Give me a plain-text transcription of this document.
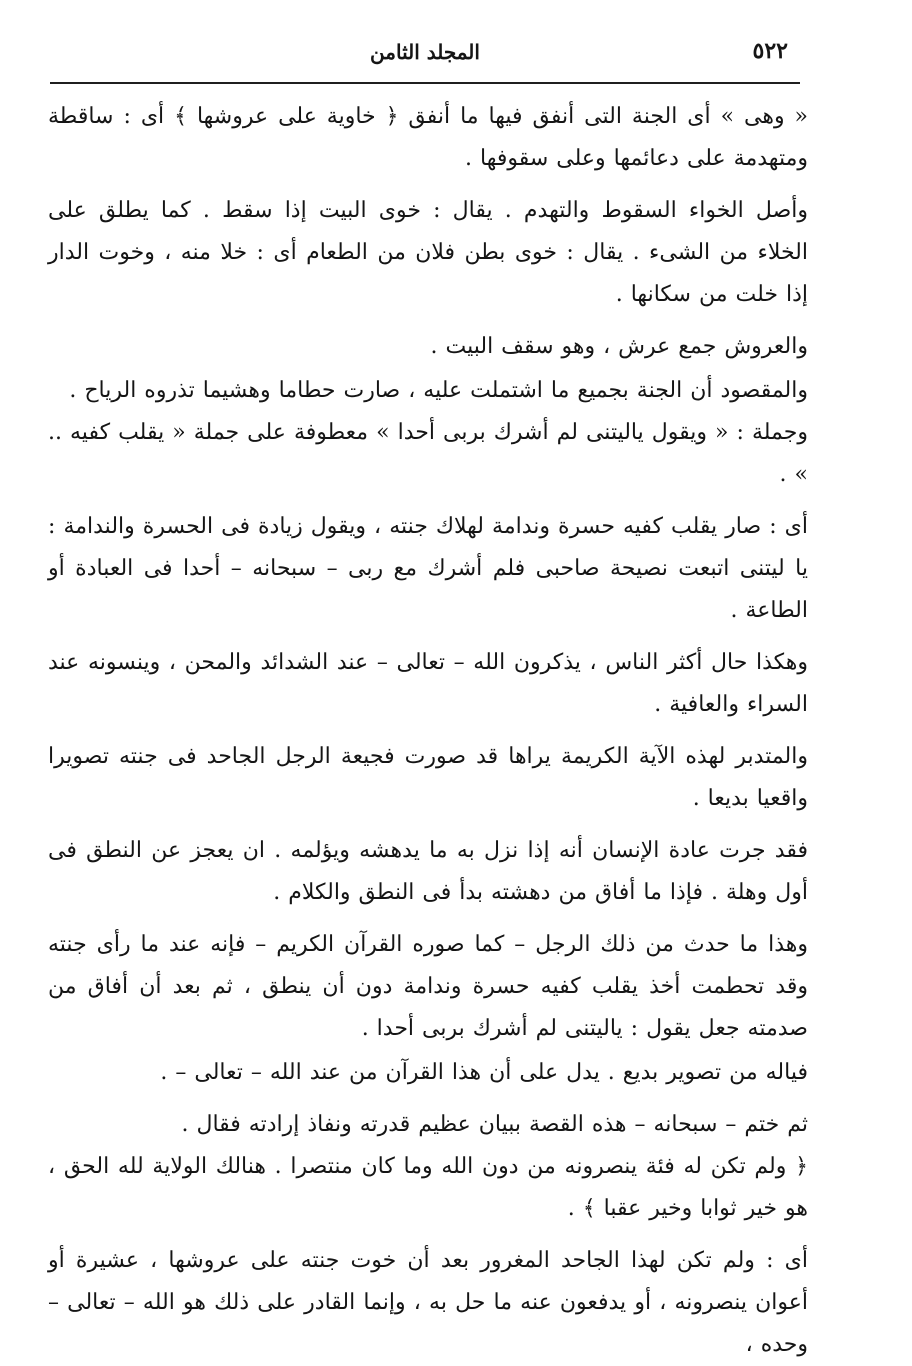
٥٢٢
المجلد الثامن

« وهى » أى الجنة التى أنفق فيها ما أنفق ﴿ خاوية على عروشها ﴾ أى : ساقطة ومتهدمة على دعائمها وعلى سقوفها .

وأصل الخواء السقوط والتهدم . يقال : خوى البيت إذا سقط . كما يطلق على الخلاء من الشىء . يقال : خوى بطن فلان من الطعام أى : خلا منه ، وخوت الدار إذا خلت من سكانها .

والعروش جمع عرش ، وهو سقف البيت .

والمقصود أن الجنة بجميع ما اشتملت عليه ، صارت حطاما وهشيما تذروه الرياح .

وجملة : « ويقول ياليتنى لم أشرك بربى أحدا » معطوفة على جملة « يقلب كفيه .. » .

أى : صار يقلب كفيه حسرة وندامة لهلاك جنته ، ويقول زيادة فى الحسرة والندامة : يا ليتنى اتبعت نصيحة صاحبى فلم أشرك مع ربى – سبحانه – أحدا فى العبادة أو الطاعة .

وهكذا حال أكثر الناس ، يذكرون الله – تعالى – عند الشدائد والمحن ، وينسونه عند السراء والعافية .

والمتدبر لهذه الآية الكريمة يراها قد صورت فجيعة الرجل الجاحد فى جنته تصويرا واقعيا بديعا .

فقد جرت عادة الإنسان أنه إذا نزل به ما يدهشه ويؤلمه . ان يعجز عن النطق فى أول وهلة . فإذا ما أفاق من دهشته بدأ فى النطق والكلام .

وهذا ما حدث من ذلك الرجل – كما صوره القرآن الكريم – فإنه عند ما رأى جنته وقد تحطمت أخذ يقلب كفيه حسرة وندامة دون أن ينطق ، ثم بعد أن أفاق من صدمته جعل يقول : ياليتنى لم أشرك بربى أحدا .

فياله من تصوير بديع . يدل على أن هذا القرآن من عند الله – تعالى – .

ثم ختم – سبحانه – هذه القصة ببيان عظيم قدرته ونفاذ إرادته فقال .

﴿ ولم تكن له فئة ينصرونه من دون الله وما كان منتصرا . هنالك الولاية لله الحق ، هو خير ثوابا وخير عقبا ﴾ .

أى : ولم تكن لهذا الجاحد المغرور بعد أن خوت جنته على عروشها ، عشيرة أو أعوان ينصرونه ، أو يدفعون عنه ما حل به ، وإنما القادر على ذلك هو الله – تعالى – وحده ،
